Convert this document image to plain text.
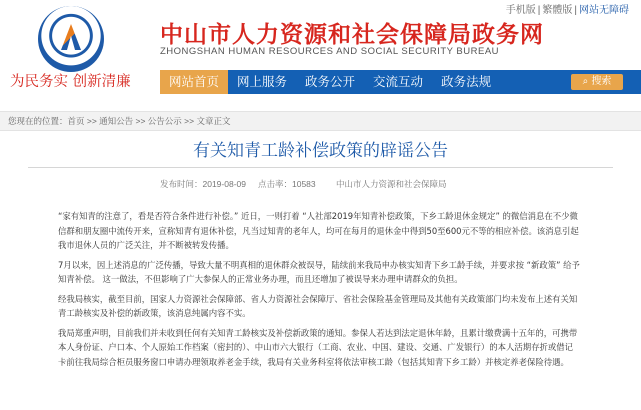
中山市人力资源和社会保障局政务网
ZHONGSHAN HUMAN RESOURCES AND SOCIAL SECURITY BUREAU
为民务实 创新清廉
手机版 | 繁體版 | 网站无障碍
网站首页	网上服务	政务公开	交流互动	政务法规	⌕ 搜索
您现在的位置：首页 >> 通知公告 >> 公告公示 >> 文章正文
有关知青工龄补偿政策的辟谣公告
发布时间：2019-08-09 点击率：10583 中山市人力资源和社会保障局

“家有知青的注意了，看是否符合条件进行补偿。” 近日，一则打着 “人社部2019年知青补偿政策，下乡工龄退休金规定” 的微信消息在不少微信群和朋友圈中流传开来，宣称知青有退休补偿，凡当过知青的老年人，均可在每月的退休金中得到50至600元不等的相应补偿。该消息引起我市退休人员的广泛关注，并不断被转发传播。

7月以来，因上述消息的广泛传播，导致大量不明真相的退休群众被误导，陆续前来我局申办核实知青下乡工龄手续，并要求按 “新政策” 给予知青补偿。 这一做法，不但影响了广大参保人的正常业务办理，而且还增加了被误导来办理申请群众的负担。

经我局核实，截至目前，国家人力资源社会保障部、省人力资源社会保障厅、省社会保险基金管理局及其他有关政策部门均未发布上述有关知青工龄核实及补偿的新政策，该消息纯属内容不实。

我局郑重声明，目前我们并未收到任何有关知青工龄核实及补偿新政策的通知。参保人若达到法定退休年龄，且累计缴费满十五年的，可携带本人身份证、户口本、个人原始工作档案（密封的）、中山市六大银行（工商、农业、中国、建设、交通、广发银行）的本人活期存折或借记卡前往我局综合柜员服务窗口申请办理领取养老金手续，我局有关业务科室将依法审核工龄（包括其知青下乡工龄）并核定养老保险待遇。
